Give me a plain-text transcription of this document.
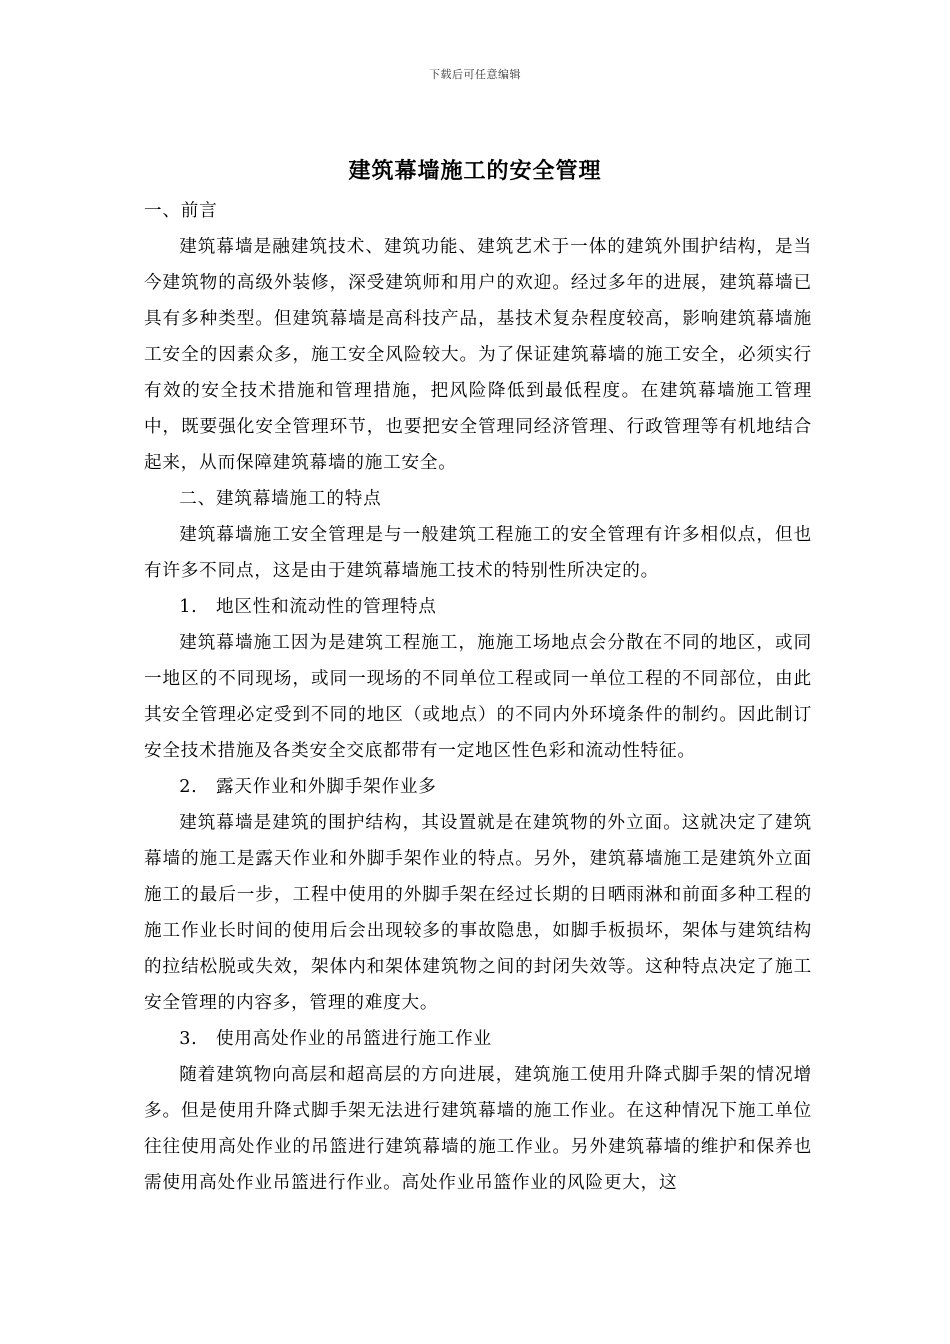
下载后可任意编辑
建筑幕墙施工的安全管理

一、前言

建筑幕墙是融建筑技术、建筑功能、建筑艺术于一体的建筑外围护结构，是当今建筑物的高级外装修，深受建筑师和用户的欢迎。经过多年的进展，建筑幕墙已具有多种类型。但建筑幕墙是高科技产品，基技术复杂程度较高，影响建筑幕墙施工安全的因素众多，施工安全风险较大。为了保证建筑幕墙的施工安全，必须实行有效的安全技术措施和管理措施，把风险降低到最低程度。在建筑幕墙施工管理中，既要强化安全管理环节，也要把安全管理同经济管理、行政管理等有机地结合起来，从而保障建筑幕墙的施工安全。

二、建筑幕墙施工的特点

建筑幕墙施工安全管理是与一般建筑工程施工的安全管理有许多相似点，但也有许多不同点，这是由于建筑幕墙施工技术的特别性所决定的。

1.　地区性和流动性的管理特点

建筑幕墙施工因为是建筑工程施工，施施工场地点会分散在不同的地区，或同一地区的不同现场，或同一现场的不同单位工程或同一单位工程的不同部位，由此其安全管理必定受到不同的地区（或地点）的不同内外环境条件的制约。因此制订安全技术措施及各类安全交底都带有一定地区性色彩和流动性特征。

2.　露天作业和外脚手架作业多

建筑幕墙是建筑的围护结构，其设置就是在建筑物的外立面。这就决定了建筑幕墙的施工是露天作业和外脚手架作业的特点。另外，建筑幕墙施工是建筑外立面施工的最后一步，工程中使用的外脚手架在经过长期的日晒雨淋和前面多种工程的施工作业长时间的使用后会出现较多的事故隐患，如脚手板损坏，架体与建筑结构的拉结松脱或失效，架体内和架体建筑物之间的封闭失效等。这种特点决定了施工安全管理的内容多，管理的难度大。

3.　使用高处作业的吊篮进行施工作业

随着建筑物向高层和超高层的方向进展，建筑施工使用升降式脚手架的情况增多。但是使用升降式脚手架无法进行建筑幕墙的施工作业。在这种情况下施工单位往往使用高处作业的吊篮进行建筑幕墙的施工作业。另外建筑幕墙的维护和保养也需使用高处作业吊篮进行作业。高处作业吊篮作业的风险更大，这
